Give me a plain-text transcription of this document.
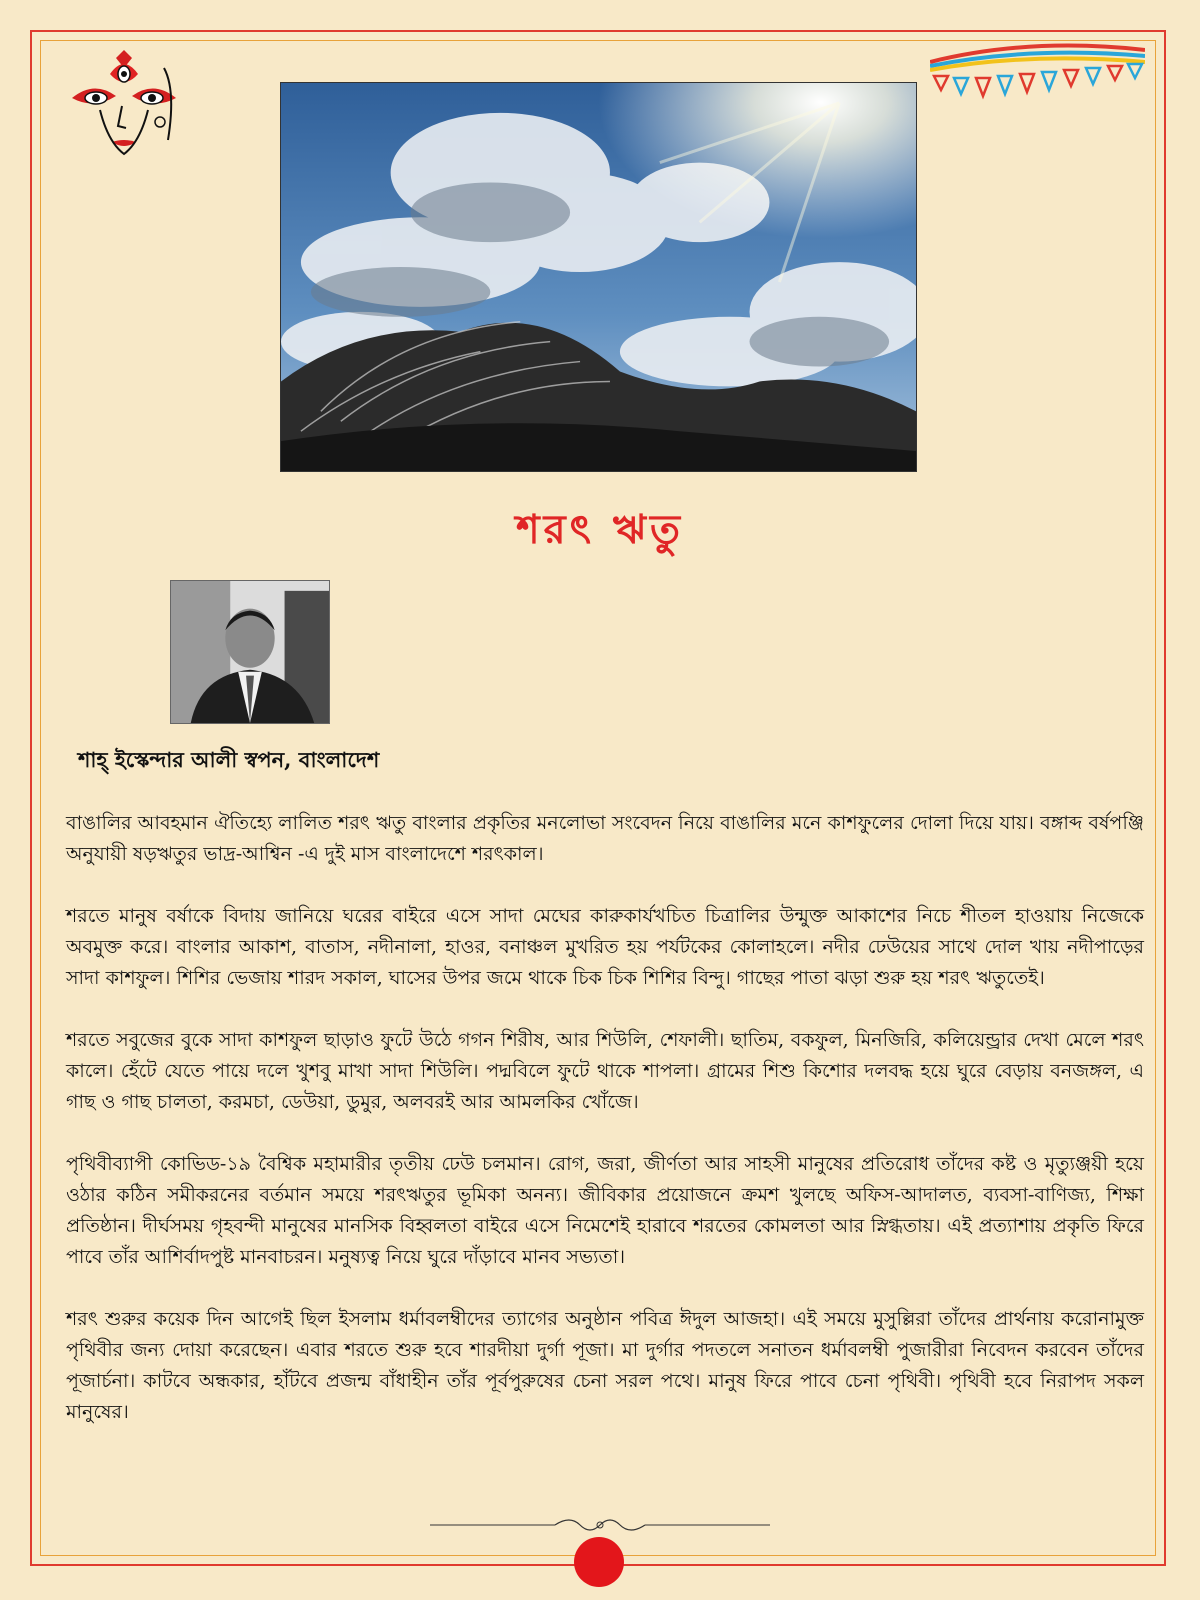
শরৎ ঋতু
শাহ্ ইস্কেন্দার আলী স্বপন, বাংলাদেশ

বাঙালির আবহমান ঐতিহ্যে লালিত শরৎ ঋতু বাংলার প্রকৃতির মনলোভা সংবেদন নিয়ে বাঙালির মনে কাশফুলের দোলা দিয়ে যায়। বঙ্গাব্দ বর্ষপঞ্জি অনুযায়ী ষড়ঋতুর ভাদ্র-আশ্বিন -এ দুই মাস বাংলাদেশে শরৎকাল।

শরতে মানুষ বর্ষাকে বিদায় জানিয়ে ঘরের বাইরে এসে সাদা মেঘের কারুকার্যখচিত চিত্রালির উন্মুক্ত আকাশের নিচে শীতল হাওয়ায় নিজেকে অবমুক্ত করে। বাংলার আকাশ, বাতাস, নদীনালা, হাওর, বনাঞ্চল মুখরিত হয় পর্যটকের কোলাহলে। নদীর ঢেউয়ের সাথে দোল খায় নদীপাড়ের সাদা কাশফুল। শিশির ভেজায় শারদ সকাল, ঘাসের উপর জমে থাকে চিক চিক শিশির বিন্দু। গাছের পাতা ঝড়া শুরু হয় শরৎ ঋতুতেই।

শরতে সবুজের বুকে সাদা কাশফুল ছাড়াও ফুটে উঠে গগন শিরীষ, আর শিউলি, শেফালী। ছাতিম, বকফুল, মিনজিরি, কলিয়েন্ড্রার দেখা মেলে শরৎ কালে। হেঁটে যেতে পায়ে দলে খুশবু মাখা সাদা শিউলি। পদ্মবিলে ফুটে থাকে শাপলা। গ্রামের শিশু কিশোর দলবদ্ধ হয়ে ঘুরে বেড়ায় বনজঙ্গল, এ গাছ ও গাছ চালতা, করমচা, ডেউয়া, ডুমুর, অলবরই আর আমলকির খোঁজে।

পৃথিবীব্যাপী কোভিড-১৯ বৈশ্বিক মহামারীর তৃতীয় ঢেউ চলমান। রোগ, জরা, জীর্ণতা আর সাহসী মানুষের প্রতিরোধ তাঁদের কষ্ট ও মৃত্যুঞ্জয়ী হয়ে ওঠার কঠিন সমীকরনের বর্তমান সময়ে শরৎঋতুর ভূমিকা অনন্য। জীবিকার প্রয়োজনে ক্রমশ খুলছে অফিস-আদালত, ব্যবসা-বাণিজ্য, শিক্ষা প্রতিষ্ঠান। দীর্ঘসময় গৃহবন্দী মানুষের মানসিক বিহ্বলতা বাইরে এসে নিমেশেই হারাবে শরতের কোমলতা আর স্নিগ্ধতায়। এই প্রত্যাশায় প্রকৃতি ফিরে পাবে তাঁর আশির্বাদপুষ্ট মানবাচরন। মনুষ্যত্ব নিয়ে ঘুরে দাঁড়াবে মানব সভ্যতা।

শরৎ শুরুর কয়েক দিন আগেই ছিল ইসলাম ধর্মাবলম্বীদের ত্যাগের অনুষ্ঠান পবিত্র ঈদুল আজহা। এই সময়ে মুসুল্লিরা তাঁদের প্রার্থনায় করোনামুক্ত পৃথিবীর জন্য দোয়া করেছেন। এবার শরতে শুরু হবে শারদীয়া দুর্গা পূজা। মা দুর্গার পদতলে সনাতন ধর্মাবলম্বী পুজারীরা নিবেদন করবেন তাঁদের পূজার্চনা। কাটবে অন্ধকার, হাঁটবে প্রজন্ম বাঁধাহীন তাঁর পূর্বপুরুষের চেনা সরল পথে। মানুষ ফিরে পাবে চেনা পৃথিবী। পৃথিবী হবে নিরাপদ সকল মানুষের।
